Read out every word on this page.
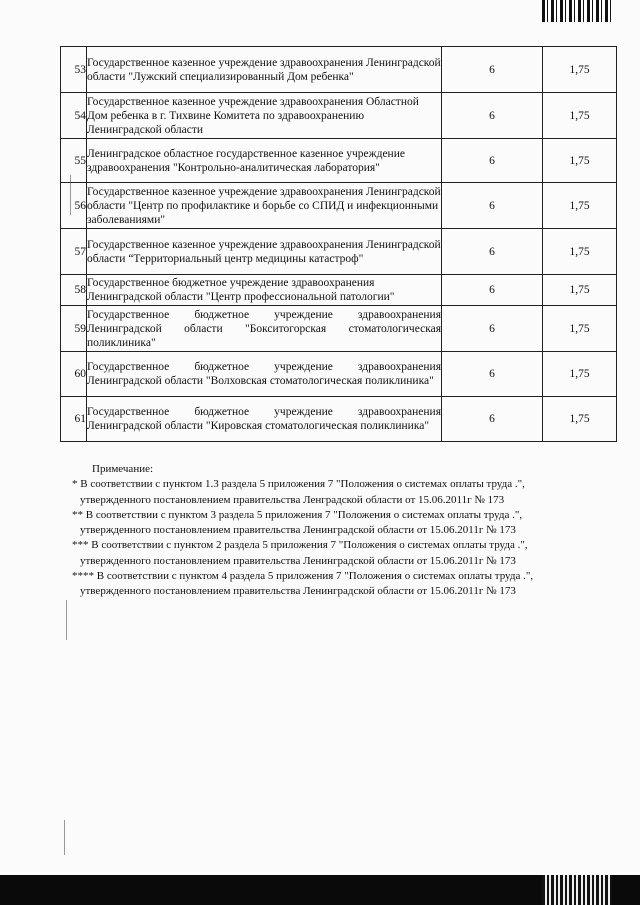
53	Государственное казенное учреждение здравоохранения Ленинградской области "Лужский специализированный Дом ребенка"	6	1,75
54	Государственное казенное учреждение здравоохранения Областной Дом ребенка в г. Тихвине Комитета по здравоохранению Ленинградской области	6	1,75
55	Ленинградское областное государственное казенное учреждение здравоохранения "Контрольно-аналитическая лаборатория"	6	1,75
56	Государственное казенное учреждение здравоохранения Ленинградской области "Центр по профилактике и борьбе со СПИД и инфекционными заболеваниями"	6	1,75
57	Государственное казенное учреждение здравоохранения Ленинградской области “Территориальный центр медицины катастроф"	6	1,75
58	Государственное бюджетное учреждение здравоохранения Ленинградской области "Центр профессиональной патологии"	6	1,75
59	Государственное бюджетное учреждение здравоохранения Ленинградской области "Бокситогорская стоматологическая поликлиника"	6	1,75
60	Государственное бюджетное учреждение здравоохранения Ленинградской области "Волховская стоматологическая поликлиника"	6	1,75
61	Государственное бюджетное учреждение здравоохранения Ленинградской области "Кировская стоматологическая поликлиника"	6	1,75
Примечание:
* В соответствии с пунктом 1.3 раздела 5 приложения 7 "Положения о системах оплаты труда .",
утвержденного постановлением правительства Ленградской области от 15.06.2011г № 173
** В соответствии с пунктом 3 раздела 5 приложения 7 "Положения о системах оплаты труда .",
утвержденного постановлением правительства Ленинградской области от 15.06.2011г № 173
*** В соответствии с пунктом 2 раздела 5 приложения 7 "Положения о системах оплаты труда .",
утвержденного постановлением правительства Ленинградской области от 15.06.2011г № 173
**** В соответствии с пунктом 4 раздела 5 приложения 7 "Положения о системах оплаты труда .",
утвержденного постановлением правительства Ленинградской области от 15.06.2011г № 173
